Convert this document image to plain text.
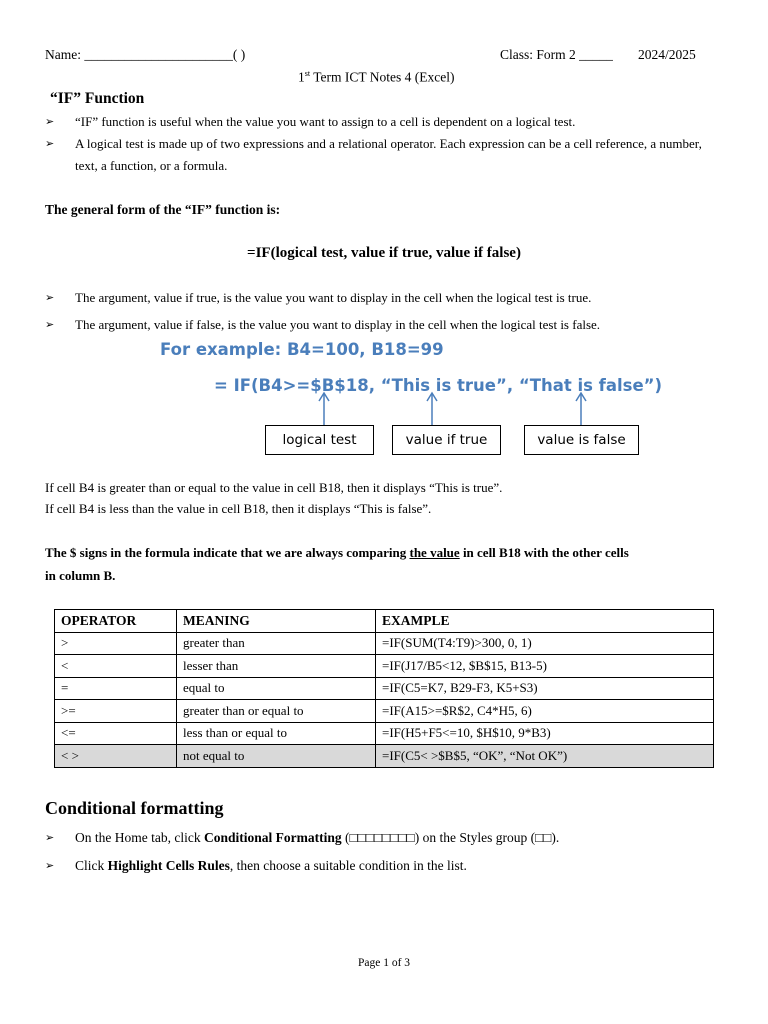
Name: ______________________( )	Class: Form 2 _____ 2024/2025
1st Term ICT Notes 4 (Excel)
“IF” Function
➢ “IF” function is useful when the value you want to assign to a cell is dependent on a logical test.
➢ A logical test is made up of two expressions and a relational operator. Each expression can be a cell reference, a number, text, a function, or a formula.
The general form of the “IF” function is:
=IF(logical test, value if true, value if false)
➢ The argument, value if true, is the value you want to display in the cell when the logical test is true.
➢ The argument, value if false, is the value you want to display in the cell when the logical test is false.
For example: B4=100, B18=99
= IF(B4>=$B$18, “This is true”, “That is false”)
logical test	value if true	value is false
If cell B4 is greater than or equal to the value in cell B18, then it displays “This is true”.
If cell B4 is less than the value in cell B18, then it displays “This is false”.
The $ signs in the formula indicate that we are always comparing the value in cell B18 with the other cells
in column B.
OPERATOR	MEANING	EXAMPLE
>	greater than	=IF(SUM(T4:T9)>300, 0, 1)
<	lesser than	=IF(J17/B5<12, $B$15, B13-5)
=	equal to	=IF(C5=K7, B29-F3, K5+S3)
>=	greater than or equal to	=IF(A15>=$R$2, C4*H5, 6)
<=	less than or equal to	=IF(H5+F5<=10, $H$10, 9*B3)
< >	not equal to	=IF(C5< >$B$5, “OK”, “Not OK”)
Conditional formatting
➢ On the Home tab, click Conditional Formatting (□□□□□□□□) on the Styles group (□□).
➢ Click Highlight Cells Rules, then choose a suitable condition in the list.
Page 1 of 3
